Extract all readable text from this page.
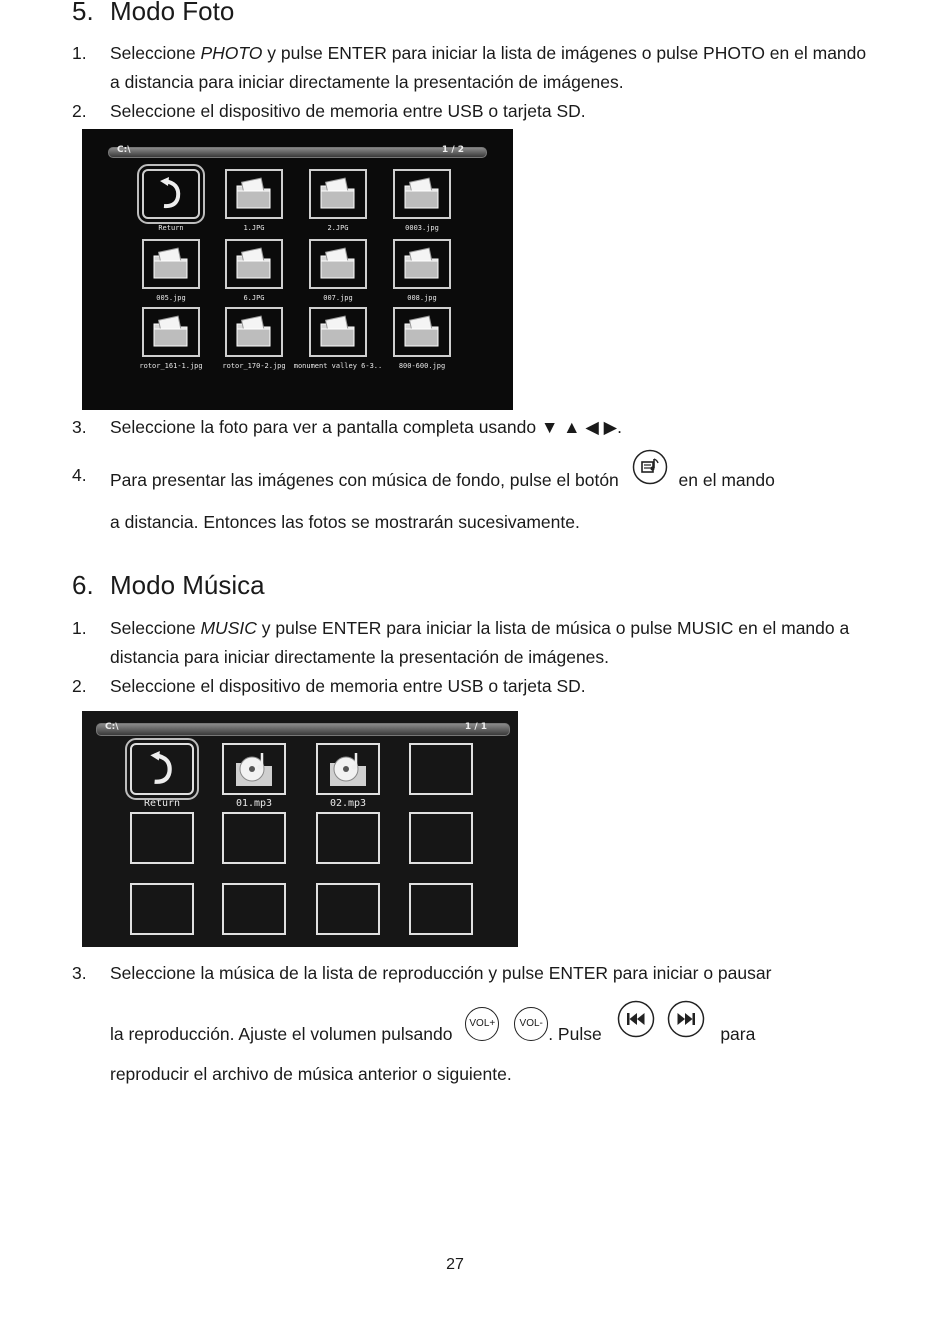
5. Modo Foto
1.	Seleccione PHOTO y pulse ENTER para iniciar la lista de imágenes o pulse PHOTO en el mando a distancia para iniciar directamente la presentación de imágenes.
2.	Seleccione el dispositivo de memoria entre USB o tarjeta SD.
C:\	1 / 2
Return	1.JPG	2.JPG	0003.jpg
005.jpg	6.JPG	007.jpg	008.jpg
rotor_161-1.jpg	rotor_170-2.jpg	monument valley 6-3..	800-600.jpg
3.	Seleccione la foto para ver a pantalla completa usando ▼ ▲ ◀ ▶.
4.	Para presentar las imágenes con música de fondo, pulse el botón	en el mando
a distancia. Entonces las fotos se mostrarán sucesivamente.
6. Modo Música
1.	Seleccione MUSIC y pulse ENTER para iniciar la lista de música o pulse MUSIC en el mando a distancia para iniciar directamente la presentación de imágenes.
2.	Seleccione el dispositivo de memoria entre USB o tarjeta SD.
C:\	1 / 1
Return	01.mp3	02.mp3
3.	Seleccione la música de la lista de reproducción y pulse ENTER para iniciar o pausar
la reproducción. Ajuste el volumen pulsando VOL+ VOL-. Pulse	para
reproducir el archivo de música anterior o siguiente.
27
